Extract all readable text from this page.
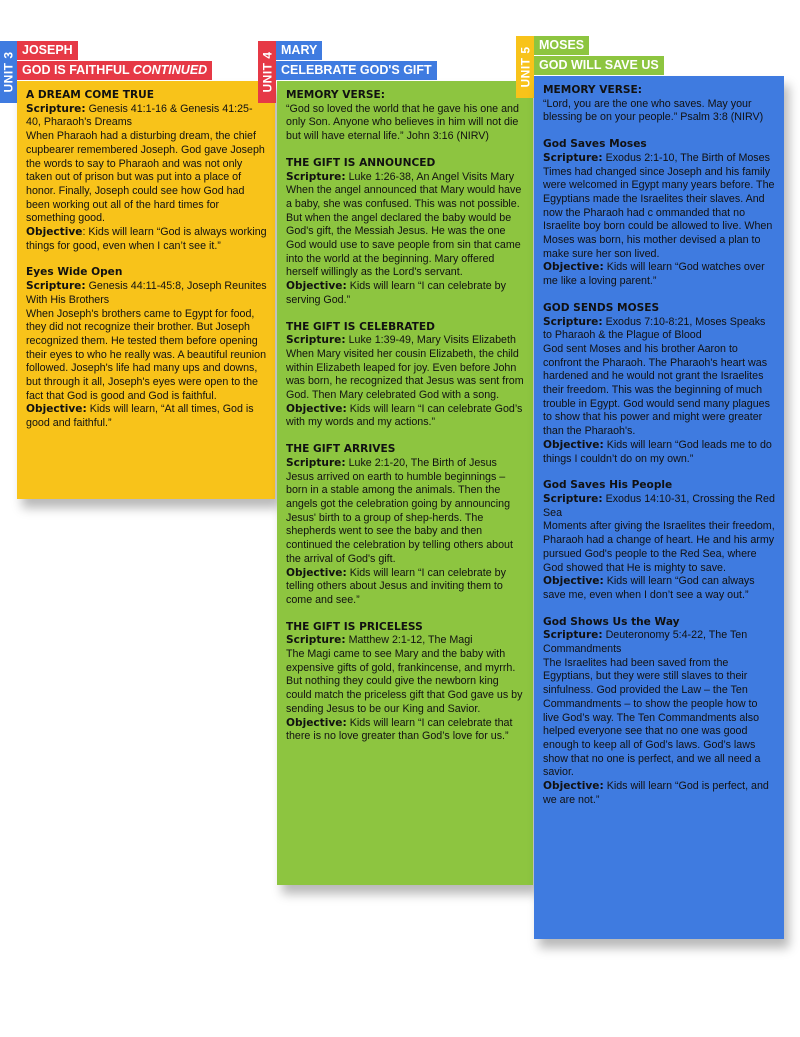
UNIT 3
JOSEPH
GOD IS FAITHFUL CONTINUED

A DREAM COME TRUE

Scripture: Genesis 41:1-16 & Genesis 41:25-40, Pharaoh's Dreams

When Pharaoh had a disturbing dream, the chief cupbearer remembered Joseph. God gave Joseph the words to say to Pharaoh and was not only taken out of prison but was put into a place of honor. Finally, Joseph could see how God had been working out all of the hard times for something good.

Objective: Kids will learn “God is always working things for good, even when I can’t see it.”

Eyes Wide Open

Scripture: Genesis 44:11-45:8, Joseph Reunites With His Brothers

When Joseph's brothers came to Egypt for food, they did not recognize their brother. But Joseph recognized them. He tested them before opening their eyes to who he really was. A beautiful reunion followed. Joseph's life had many ups and downs, but through it all, Joseph's eyes were open to the fact that God is good and God is faithful.

Objective: Kids will learn, “At all times, God is good and faithful.”

UNIT 4
MARY
CELEBRATE GOD'S GIFT

MEMORY VERSE:

“God so loved the world that he gave his one and only Son. Anyone who believes in him will not die but will have eternal life.” John 3:16 (NIRV)

THE GIFT IS ANNOUNCED

Scripture: Luke 1:26-38, An Angel Visits Mary

When the angel announced that Mary would have a baby, she was confused. This was not possible. But when the angel declared the baby would be God's gift, the Messiah Jesus. He was the one God would use to save people from sin that came into the world at the beginning. Mary offered herself willingly as the Lord's servant.

Objective: Kids will learn “I can celebrate by serving God.”

THE GIFT IS CELEBRATED

Scripture: Luke 1:39-49, Mary Visits Elizabeth

When Mary visited her cousin Elizabeth, the child within Elizabeth leaped for joy. Even before John was born, he recognized that Jesus was sent from God. Then Mary celebrated God with a song.

Objective: Kids will learn “I can celebrate God’s with my words and my actions.”

THE GIFT ARRIVES

Scripture: Luke 2:1-20, The Birth of Jesus

Jesus arrived on earth to humble beginnings – born in a stable among the animals. Then the angels got the celebration going by announcing Jesus' birth to a group of shep-herds. The shepherds went to see the baby and then continued the celebration by telling others about the arrival of God's gift.

Objective: Kids will learn “I can celebrate by telling others about Jesus and inviting them to come and see.”

THE GIFT IS PRICELESS

Scripture: Matthew 2:1-12, The Magi

The Magi came to see Mary and the baby with expensive gifts of gold, frankincense, and myrrh. But nothing they could give the newborn king could match the priceless gift that God gave us by sending Jesus to be our King and Savior.

Objective: Kids will learn “I can celebrate that there is no love greater than God’s love for us.”

UNIT 5
MOSES
GOD WILL SAVE US

MEMORY VERSE:

“Lord, you are the one who saves. May your blessing be on your people.” Psalm 3:8 (NIRV)

God Saves Moses

Scripture: Exodus 2:1-10, The Birth of Moses

Times had changed since Joseph and his family were welcomed in Egypt many years before. The Egyptians made the Israelites their slaves. And now the Pharaoh had c ommanded that no Israelite boy born could be allowed to live. When Moses was born, his mother devised a plan to make sure her son lived.

Objective: Kids will learn “God watches over me like a loving parent.”

GOD SENDS MOSES

Scripture: Exodus 7:10-8:21, Moses Speaks to Pharaoh & the Plague of Blood

God sent Moses and his brother Aaron to confront the Pharaoh. The Pharaoh's heart was hardened and he would not grant the Israelites their freedom. This was the beginning of much trouble in Egypt. God would send many plagues to show that his power and might were greater than the Pharaoh's.

Objective: Kids will learn “God leads me to do things I couldn’t do on my own.”

God Saves His People

Scripture: Exodus 14:10-31, Crossing the Red Sea

Moments after giving the Israelites their freedom, Pharaoh had a change of heart. He and his army pursued God's people to the Red Sea, where God showed that He is mighty to save.

Objective: Kids will learn “God can always save me, even when I don’t see a way out.”

God Shows Us the Way

Scripture: Deuteronomy 5:4-22, The Ten Commandments

The Israelites had been saved from the Egyptians, but they were still slaves to their sinfulness. God provided the Law – the Ten Commandments – to show the people how to live God’s way. The Ten Commandments also helped everyone see that no one was good enough to keep all of God’s laws. God’s laws show that no one is perfect, and we all need a savior.

Objective: Kids will learn “God is perfect, and we are not.”
